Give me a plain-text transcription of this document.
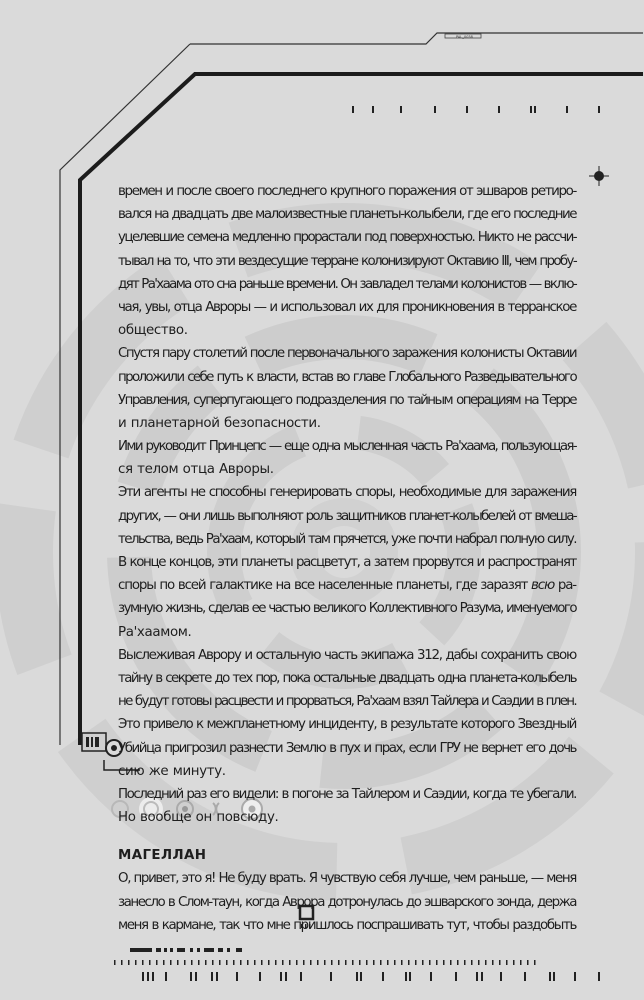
PAL_0038
времен и после своего последнего крупного поражения от эшваров ретиро-
вался на двадцать две малоизвестные планеты-колыбели, где его последние
уцелевшие семена медленно прорастали под поверхностью. Никто не рассчи-
тывал на то, что эти вездесущие терране колонизируют Октавию III, чем пробу-
дят Ра'хаама ото сна раньше времени. Он завладел телами колонистов — вклю-
чая, увы, отца Авроры — и использовал их для проникновения в терранское
общество.
Спустя пару столетий после первоначального заражения колонисты Октавии
проложили себе путь к власти, встав во главе Глобального Разведывательного
Управления, суперпугающего подразделения по тайным операциям на Терре
и планетарной безопасности.
Ими руководит Принцепс — еще одна мысленная часть Ра'хаама, пользующая-
ся телом отца Авроры.
Эти агенты не способны генерировать споры, необходимые для заражения
других, — они лишь выполняют роль защитников планет-колыбелей от вмеша-
тельства, ведь Ра'хаам, который там прячется, уже почти набрал полную силу.
В конце концов, эти планеты расцветут, а затем прорвутся и распространят
споры по всей галактике на все населенные планеты, где заразят всю ра-
зумную жизнь, сделав ее частью великого Коллективного Разума, именуемого
Ра'хаамом.
Выслеживая Аврору и остальную часть экипажа 312, дабы сохранить свою
тайну в секрете до тех пор, пока остальные двадцать одна планета-колыбель
не будут готовы расцвести и прорваться, Ра'хаам взял Тайлера и Саэдии в плен.
Это привело к межпланетному инциденту, в результате которого Звездный
Убийца пригрозил разнести Землю в пух и прах, если ГРУ не вернет его дочь
сию же минуту.
Последний раз его видели: в погоне за Тайлером и Саэдии, когда те убегали.
Но вообще он повсюду.
МАГЕЛЛАН
О, привет, это я! Не буду врать. Я чувствую себя лучше, чем раньше, — меня
занесло в Слом-таун, когда Аврора дотронулась до эшварского зонда, держа
меня в кармане, так что мне пришлось поспрашивать тут, чтобы раздобыть
